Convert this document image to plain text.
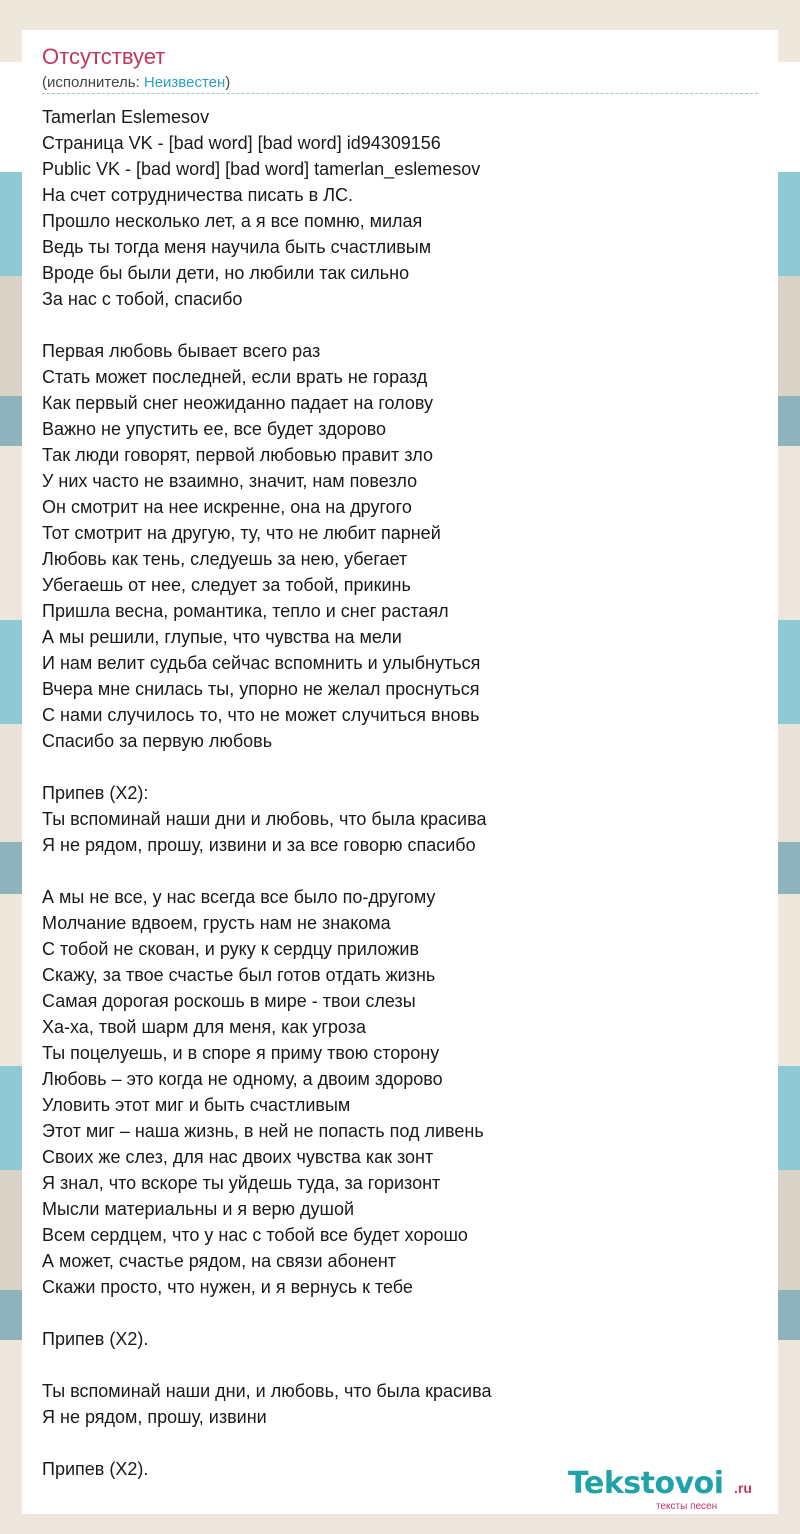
Отсутствует
(исполнитель: Неизвестен)
Tamerlan Eslemesov
Страница VK - [bad word] [bad word] id94309156
Public VK - [bad word] [bad word] tamerlan_eslemesov
На счет сотрудничества писать в ЛС.
Прошло несколько лет, а я все помню, милая
Ведь ты тогда меня научила быть счастливым
Вроде бы были дети, но любили так сильно
За нас с тобой, спасибо
Первая любовь бывает всего раз
Стать может последней, если врать не горазд
Как первый снег неожиданно падает на голову
Важно не упустить ее, все будет здорово
Так люди говорят, первой любовью правит зло
У них часто не взаимно, значит, нам повезло
Он смотрит на нее искренне, она на другого
Тот смотрит на другую, ту, что не любит парней
Любовь как тень, следуешь за нею, убегает
Убегаешь от нее, следует за тобой, прикинь
Пришла весна, романтика, тепло и снег растаял
А мы решили, глупые, что чувства на мели
И нам велит судьба сейчас вспомнить и улыбнуться
Вчера мне снилась ты, упорно не желал проснуться
С нами случилось то, что не может случиться вновь
Спасибо за первую любовь
Припев (X2):
Ты вспоминай наши дни и любовь, что была красива
Я не рядом, прошу, извини и за все говорю спасибо
А мы не все, у нас всегда все было по-другому
Молчание вдвоем, грусть нам не знакома
С тобой не скован, и руку к сердцу приложив
Скажу, за твое счастье был готов отдать жизнь
Самая дорогая роскошь в мире - твои слезы
Ха-ха, твой шарм для меня, как угроза
Ты поцелуешь, и в споре я приму твою сторону
Любовь – это когда не одному, а двоим здорово
Уловить этот миг и быть счастливым
Этот миг – наша жизнь, в ней не попасть под ливень
Своих же слез, для нас двоих чувства как зонт
Я знал, что вскоре ты уйдешь туда, за горизонт
Мысли материальны и я верю душой
Всем сердцем, что у нас с тобой все будет хорошо
А может, счастье рядом, на связи абонент
Скажи просто, что нужен, и я вернусь к тебе
Припев (X2).
Ты вспоминай наши дни, и любовь, что была красива
Я не рядом, прошу, извини
Припев (X2).	Tekstovoi .ru
тексты песен
